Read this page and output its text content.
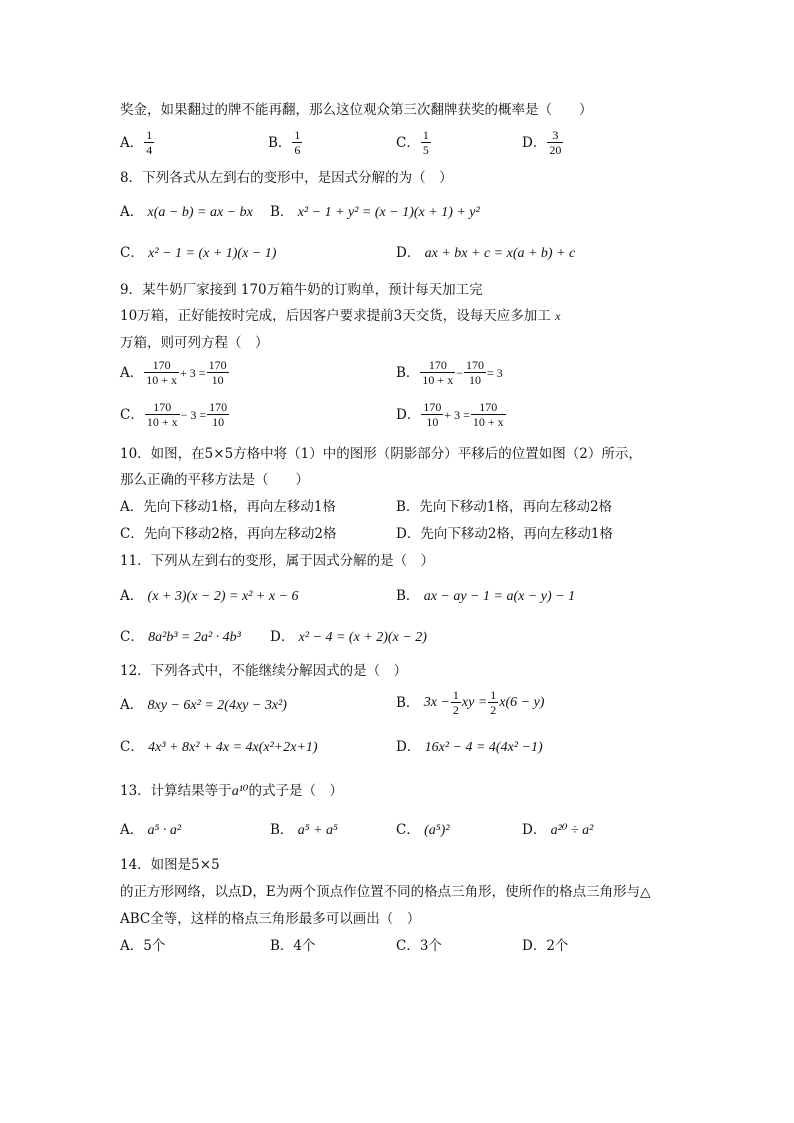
奖金，如果翻过的牌不能再翻，那么这位观众第三次翻牌获奖的概率是（　　）
A． $\frac{1}{4}$	B． $\frac{1}{6}$	C． $\frac{1}{5}$	D． $\frac{3}{20}$
8．下列各式从左到右的变形中，是因式分解的为（　）
A． x(a − b) = ax − bx B． x² − 1 + y² = (x − 1)(x + 1) + y²
C． x² − 1 = (x + 1)(x − 1)	D． ax + bx + c = x(a + b) + c
9．某牛奶厂家接到 170万箱牛奶的订购单，预计每天加工完
10万箱，正好能按时完成，后因客户要求提前3天交货，设每天应多加工 x
万箱，则可列方程（　）
A． $\frac{170}{10 + x} + 3 = \frac{170}{10}$	B． $\frac{170}{10 + x} - \frac{170}{10} = 3$
C． $\frac{170}{10 + x} - 3 = \frac{170}{10}$	D． $\frac{170}{10} + 3 = \frac{170}{10 + x}$
10．如图，在5×5方格中将（1）中的图形（阴影部分）平移后的位置如图（2）所示，
那么正确的平移方法是（　　）
A．先向下移动1格，再向左移动1格	B．先向下移动1格，再向左移动2格
C．先向下移动2格，再向左移动2格	D．先向下移动2格，再向左移动1格
11．下列从左到右的变形，属于因式分解的是（　）
A． (x + 3)(x − 2) = x² + x − 6	B． ax − ay − 1 = a(x − y) − 1
C． 8a²b³ = 2a² · 4b³ D． x² − 4 = (x + 2)(x − 2)
12．下列各式中，不能继续分解因式的是（　）
A． 8xy − 6x² = 2(4xy − 3x²)	B． $3x - \frac{1}{2}$ xy = $\frac{1}{2} x(6 - y)$
C． 4x³ + 8x² + 4x = 4x(x²+2x+1)	D． 16x² − 4 = 4(4x² −1)
13．计算结果等于a¹⁰的式子是（　）
A． a⁵ · a²	B． a⁵ + a⁵	C． (a⁵)²	D． a²⁰ ÷ a²
14．如图是5×5
的正方形网络，以点D，E为两个顶点作位置不同的格点三角形，使所作的格点三角形与△
ABC全等，这样的格点三角形最多可以画出（　）
A．5个	B．4个	C．3个	D．2个
